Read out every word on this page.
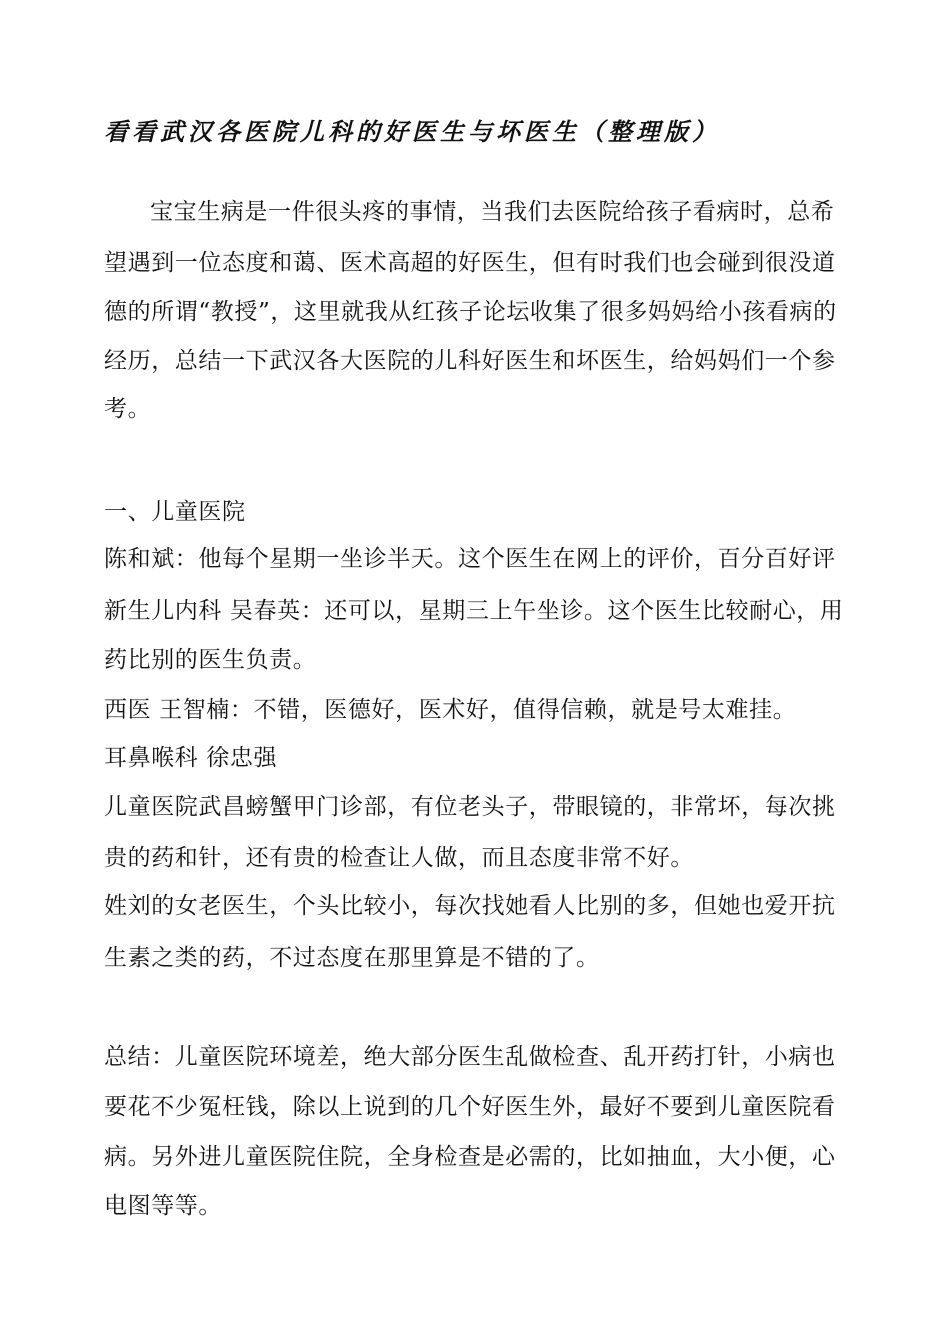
看看武汉各医院儿科的好医生与坏医生（整理版）
宝宝生病是一件很头疼的事情，当我们去医院给孩子看病时，总希
望遇到一位态度和蔼、医术高超的好医生，但有时我们也会碰到很没道
德的所谓“教授”，这里就我从红孩子论坛收集了很多妈妈给小孩看病的
经历，总结一下武汉各大医院的儿科好医生和坏医生，给妈妈们一个参
考。
一、儿童医院
陈和斌：他每个星期一坐诊半天。这个医生在网上的评价，百分百好评
新生儿内科 吴春英：还可以，星期三上午坐诊。这个医生比较耐心，用
药比别的医生负责。
西医 王智楠：不错，医德好，医术好，值得信赖，就是号太难挂。
耳鼻喉科 徐忠强
儿童医院武昌螃蟹甲门诊部，有位老头子，带眼镜的，非常坏，每次挑
贵的药和针，还有贵的检查让人做，而且态度非常不好。
姓刘的女老医生，个头比较小，每次找她看人比别的多，但她也爱开抗
生素之类的药，不过态度在那里算是不错的了。
总结：儿童医院环境差，绝大部分医生乱做检查、乱开药打针，小病也
要花不少冤枉钱，除以上说到的几个好医生外，最好不要到儿童医院看
病。另外进儿童医院住院，全身检查是必需的，比如抽血，大小便，心
电图等等。
